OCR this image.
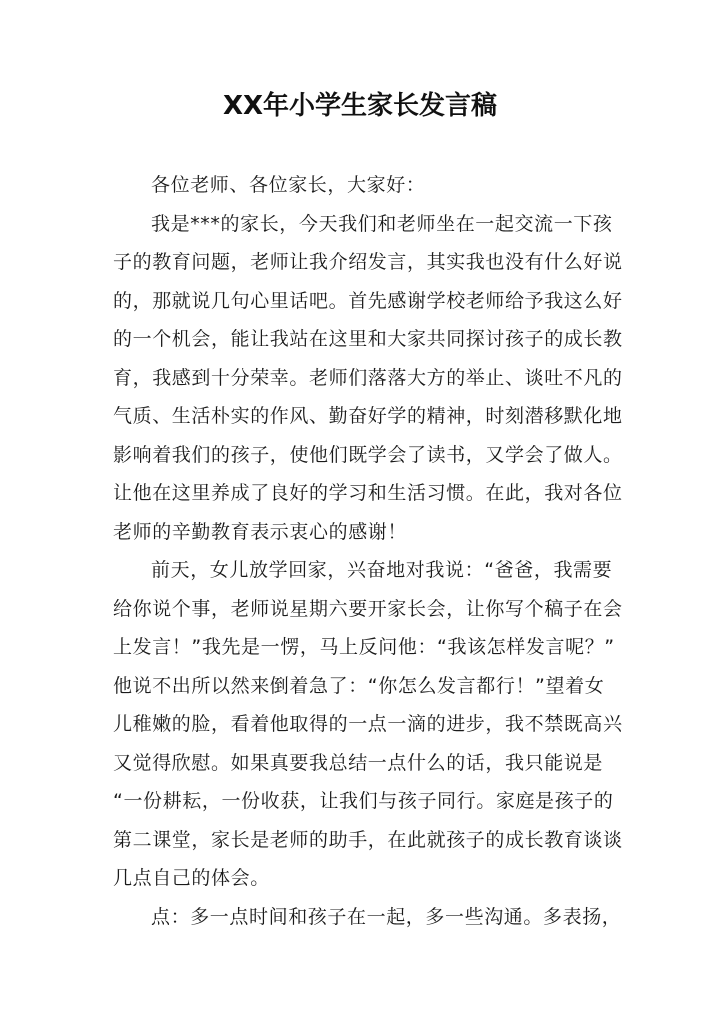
XX年小学生家长发言稿
各位老师、各位家长，大家好：
我是***的家长，今天我们和老师坐在一起交流一下孩
子的教育问题，老师让我介绍发言，其实我也没有什么好说
的，那就说几句心里话吧。首先感谢学校老师给予我这么好
的一个机会，能让我站在这里和大家共同探讨孩子的成长教
育，我感到十分荣幸。老师们落落大方的举止、谈吐不凡的
气质、生活朴实的作风、勤奋好学的精神，时刻潜移默化地
影响着我们的孩子，使他们既学会了读书，又学会了做人。
让他在这里养成了良好的学习和生活习惯。在此，我对各位
老师的辛勤教育表示衷心的感谢！
前天，女儿放学回家，兴奋地对我说：“爸爸，我需要
给你说个事，老师说星期六要开家长会，让你写个稿子在会
上发言！”我先是一愣，马上反问他：“我该怎样发言呢？”
他说不出所以然来倒着急了：“你怎么发言都行！”望着女
儿稚嫩的脸，看着他取得的一点一滴的进步，我不禁既高兴
又觉得欣慰。如果真要我总结一点什么的话，我只能说是
“一份耕耘，一份收获，让我们与孩子同行。家庭是孩子的
第二课堂，家长是老师的助手，在此就孩子的成长教育谈谈
几点自己的体会。
点：多一点时间和孩子在一起，多一些沟通。多表扬，
